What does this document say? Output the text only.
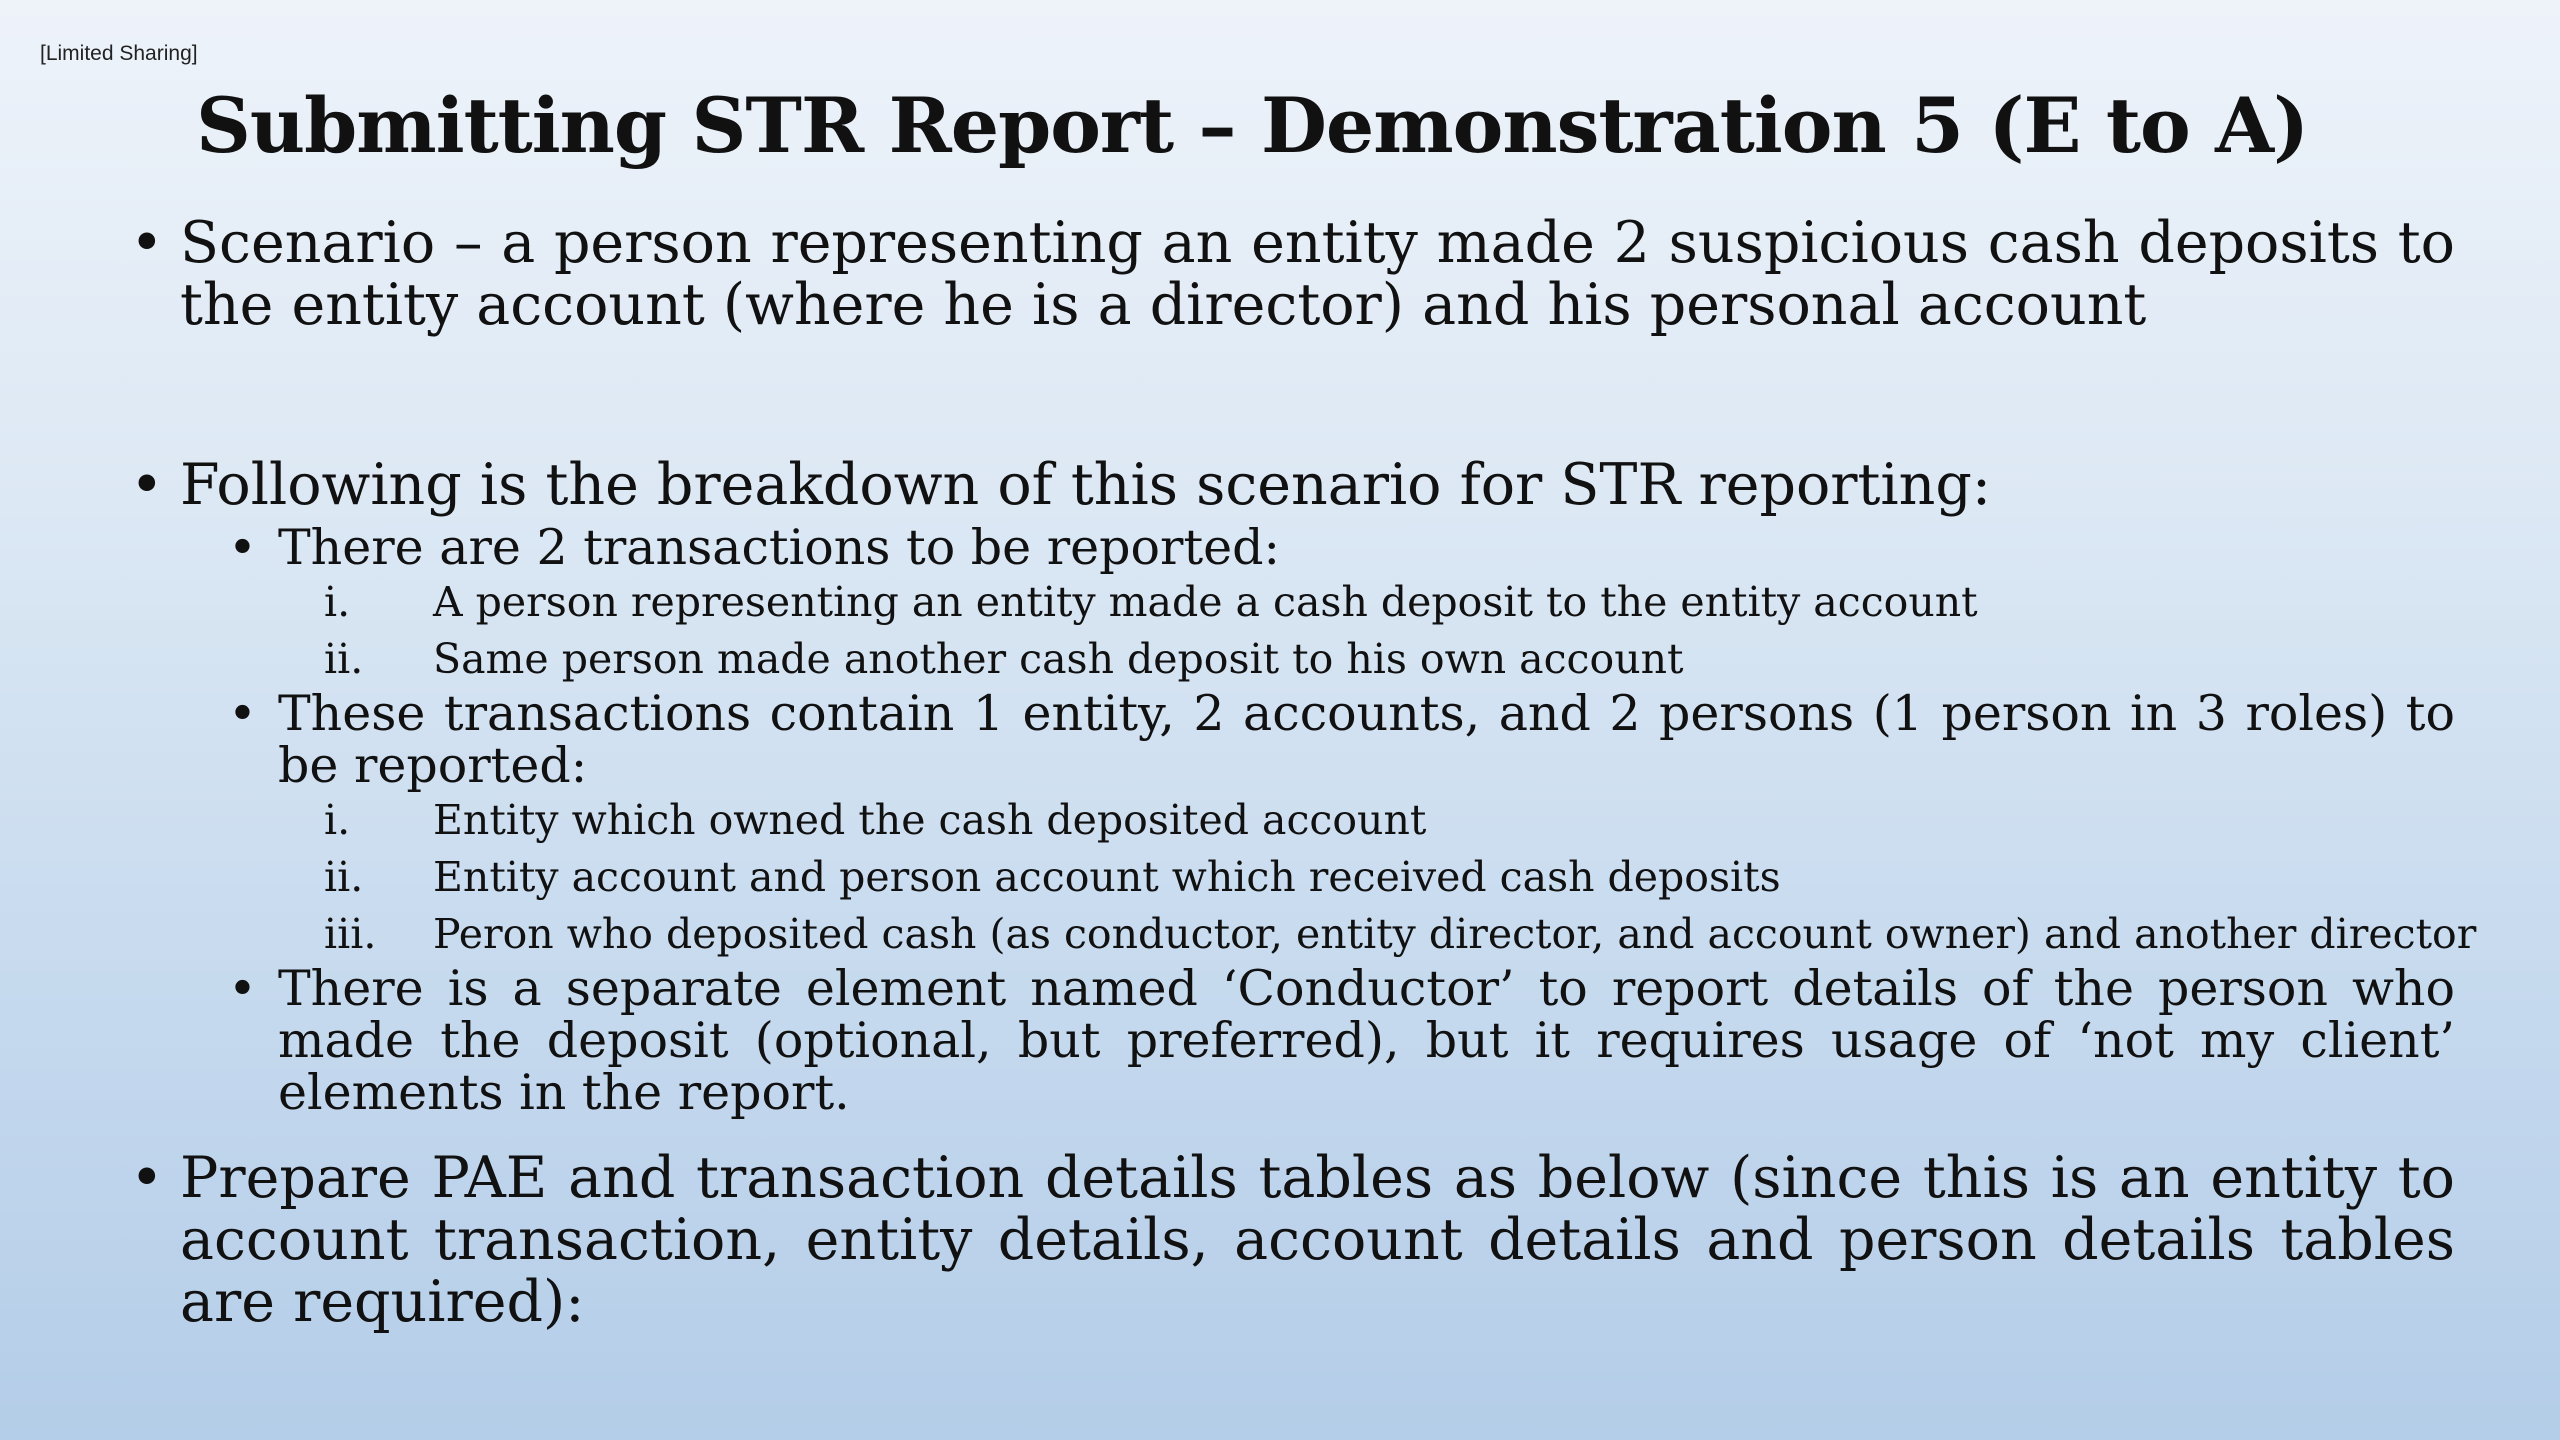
[Limited Sharing]
Submitting STR Report – Demonstration 5 (E to A)
• Scenario – a person representing an entity made 2 suspicious cash deposits to the entity account (where he is a director) and his personal account
• Following is the breakdown of this scenario for STR reporting:
• There are 2 transactions to be reported:
i. A person representing an entity made a cash deposit to the entity account
ii. Same person made another cash deposit to his own account
• These transactions contain 1 entity, 2 accounts, and 2 persons (1 person in 3 roles) to be reported:
i. Entity which owned the cash deposited account
ii. Entity account and person account which received cash deposits
iii. Peron who deposited cash (as conductor, entity director, and account owner) and another director
• There is a separate element named ‘Conductor’ to report details of the person who made the deposit (optional, but preferred), but it requires usage of ‘not my client’ elements in the report.
• Prepare PAE and transaction details tables as below (since this is an entity to account transaction, entity details, account details and person details tables are required):
